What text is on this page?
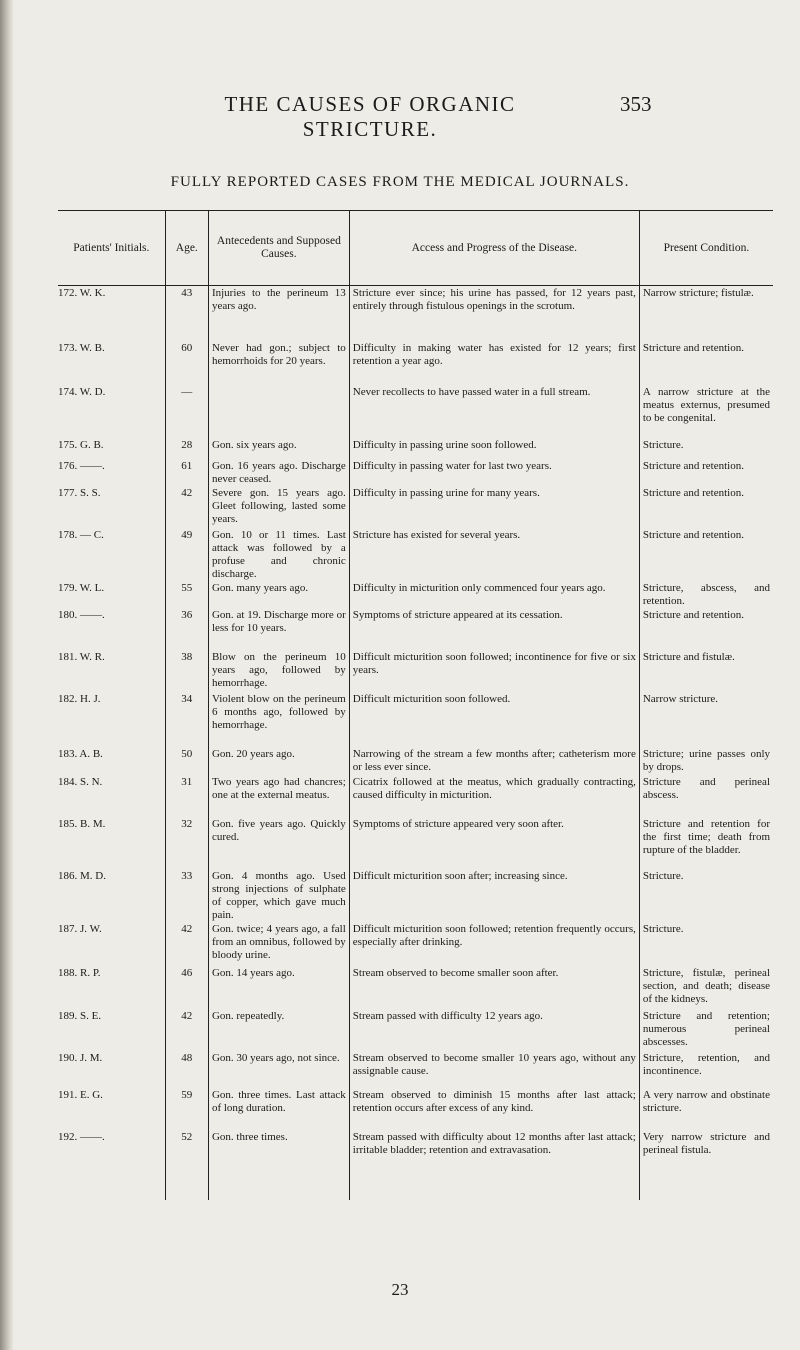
THE CAUSES OF ORGANIC STRICTURE.
353
FULLY REPORTED CASES FROM THE MEDICAL JOURNALS.
Patients' Initials.	Age.	Antecedents and Supposed Causes.	Access and Progress of the Disease.	Present Condition.
172. W. K.	43	Injuries to the perineum 13 years ago.	Stricture ever since; his urine has passed, for 12 years past, entirely through fistulous openings in the scrotum.	Narrow stricture; fistulæ.
173. W. B.	60	Never had gon.; subject to hemorrhoids for 20 years.	Difficulty in making water has existed for 12 years; first retention a year ago.	Stricture and retention.
174. W. D.	—		Never recollects to have passed water in a full stream.	A narrow stricture at the meatus externus, presumed to be congenital.
175. G. B.	28	Gon. six years ago.	Difficulty in passing urine soon followed.	Stricture.
176. ——.	61	Gon. 16 years ago. Discharge never ceased.	Difficulty in passing water for last two years.	Stricture and retention.
177. S. S.	42	Severe gon. 15 years ago. Gleet following, lasted some years.	Difficulty in passing urine for many years.	Stricture and retention.
178. — C.	49	Gon. 10 or 11 times. Last attack was followed by a profuse and chronic discharge.	Stricture has existed for several years.	Stricture and retention.
179. W. L.	55	Gon. many years ago.	Difficulty in micturition only commenced four years ago.	Stricture, abscess, and retention.
180. ——.	36	Gon. at 19. Discharge more or less for 10 years.	Symptoms of stricture appeared at its cessation.	Stricture and retention.
181. W. R.	38	Blow on the perineum 10 years ago, followed by hemorrhage.	Difficult micturition soon followed; incontinence for five or six years.	Stricture and fistulæ.
182. H. J.	34	Violent blow on the perineum 6 months ago, followed by hemorrhage.	Difficult micturition soon followed.	Narrow stricture.
183. A. B.	50	Gon. 20 years ago.	Narrowing of the stream a few months after; catheterism more or less ever since.	Stricture; urine passes only by drops.
184. S. N.	31	Two years ago had chancres; one at the external meatus.	Cicatrix followed at the meatus, which gradually contracting, caused difficulty in micturition.	Stricture and perineal abscess.
185. B. M.	32	Gon. five years ago. Quickly cured.	Symptoms of stricture appeared very soon after.	Stricture and retention for the first time; death from rupture of the bladder.
186. M. D.	33	Gon. 4 months ago. Used strong injections of sulphate of copper, which gave much pain.	Difficult micturition soon after; increasing since.	Stricture.
187. J. W.	42	Gon. twice; 4 years ago, a fall from an omnibus, followed by bloody urine.	Difficult micturition soon followed; retention frequently occurs, especially after drinking.	Stricture.
188. R. P.	46	Gon. 14 years ago.	Stream observed to become smaller soon after.	Stricture, fistulæ, perineal section, and death; disease of the kidneys.
189. S. E.	42	Gon. repeatedly.	Stream passed with difficulty 12 years ago.	Stricture and retention; numerous perineal abscesses.
190. J. M.	48	Gon. 30 years ago, not since.	Stream observed to become smaller 10 years ago, without any assignable cause.	Stricture, retention, and incontinence.
191. E. G.	59	Gon. three times. Last attack of long duration.	Stream observed to diminish 15 months after last attack; retention occurs after excess of any kind.	A very narrow and obstinate stricture.
192. ——.	52	Gon. three times.	Stream passed with difficulty about 12 months after last attack; irritable bladder; retention and extravasation.	Very narrow stricture and perineal fistula.
23
